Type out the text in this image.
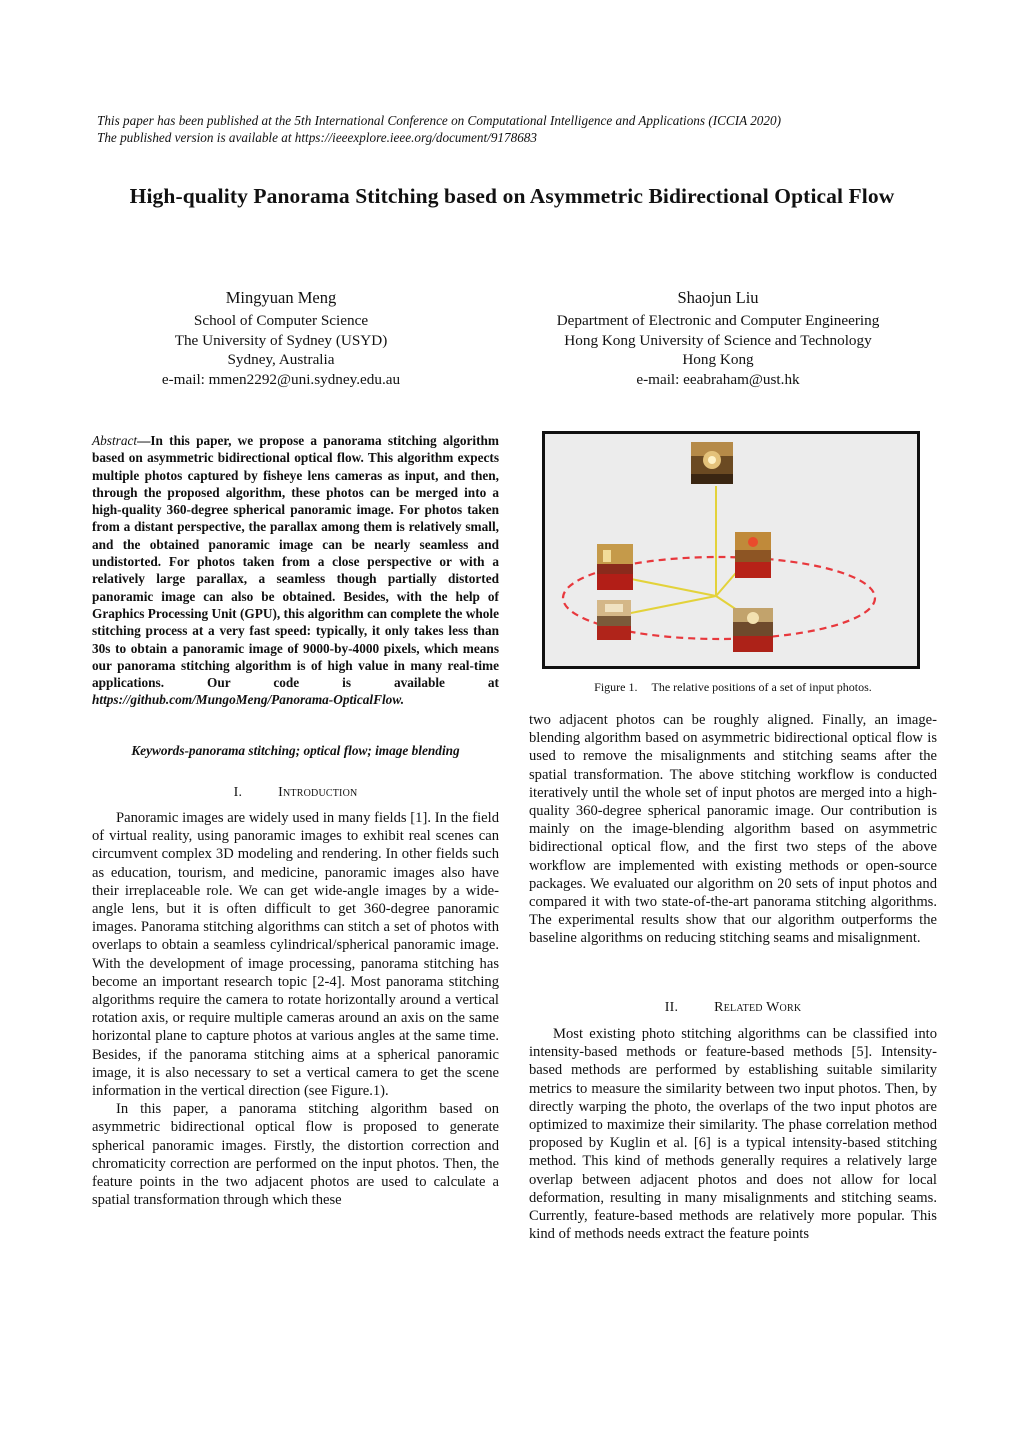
This paper has been published at the 5th International Conference on Computational Intelligence and Applications (ICCIA 2020)
The published version is available at https://ieeexplore.ieee.org/document/9178683
High-quality Panorama Stitching based on Asymmetric Bidirectional Optical Flow
Mingyuan Meng
School of Computer Science
The University of Sydney (USYD)
Sydney, Australia
e-mail: mmen2292@uni.sydney.edu.au
Shaojun Liu
Department of Electronic and Computer Engineering
Hong Kong University of Science and Technology
Hong Kong
e-mail: eeabraham@ust.hk
Abstract—In this paper, we propose a panorama stitching algorithm based on asymmetric bidirectional optical flow. This algorithm expects multiple photos captured by fisheye lens cameras as input, and then, through the proposed algorithm, these photos can be merged into a high-quality 360-degree spherical panoramic image. For photos taken from a distant perspective, the parallax among them is relatively small, and the obtained panoramic image can be nearly seamless and undistorted. For photos taken from a close perspective or with a relatively large parallax, a seamless though partially distorted panoramic image can also be obtained. Besides, with the help of Graphics Processing Unit (GPU), this algorithm can complete the whole stitching process at a very fast speed: typically, it only takes less than 30s to obtain a panoramic image of 9000-by-4000 pixels, which means our panorama stitching algorithm is of high value in many real-time applications. Our code is available at https://github.com/MungoMeng/Panorama-OpticalFlow.
Keywords-panorama stitching; optical flow; image blending
I.	Introduction

Panoramic images are widely used in many fields [1]. In the field of virtual reality, using panoramic images to exhibit real scenes can circumvent complex 3D modeling and rendering. In other fields such as education, tourism, and medicine, panoramic images also have their irreplaceable role. We can get wide-angle images by a wide-angle lens, but it is often difficult to get 360-degree panoramic images. Panorama stitching algorithms can stitch a set of photos with overlaps to obtain a seamless cylindrical/spherical panoramic image. With the development of image processing, panorama stitching has become an important research topic [2-4]. Most panorama stitching algorithms require the camera to rotate horizontally around a vertical rotation axis, or require multiple cameras around an axis on the same horizontal plane to capture photos at various angles at the same time. Besides, if the panorama stitching aims at a spherical panoramic image, it is also necessary to set a vertical camera to get the scene information in the vertical direction (see Figure.1).

In this paper, a panorama stitching algorithm based on asymmetric bidirectional optical flow is proposed to generate spherical panoramic images. Firstly, the distortion correction and chromaticity correction are performed on the input photos. Then, the feature points in the two adjacent photos are used to calculate a spatial transformation through which these

Figure 1. The relative positions of a set of input photos.

two adjacent photos can be roughly aligned. Finally, an image-blending algorithm based on asymmetric bidirectional optical flow is used to remove the misalignments and stitching seams after the spatial transformation. The above stitching workflow is conducted iteratively until the whole set of input photos are merged into a high-quality 360-degree spherical panoramic image. Our contribution is mainly on the image-blending algorithm based on asymmetric bidirectional optical flow, and the first two steps of the above workflow are implemented with existing methods or open-source packages. We evaluated our algorithm on 20 sets of input photos and compared it with two state-of-the-art panorama stitching algorithms. The experimental results show that our algorithm outperforms the baseline algorithms on reducing stitching seams and misalignment.

II.	Related Work

Most existing photo stitching algorithms can be classified into intensity-based methods or feature-based methods [5]. Intensity-based methods are performed by establishing suitable similarity metrics to measure the similarity between two input photos. Then, by directly warping the photo, the overlaps of the two input photos are optimized to maximize their similarity. The phase correlation method proposed by Kuglin et al. [6] is a typical intensity-based stitching method. This kind of methods generally requires a relatively large overlap between adjacent photos and does not allow for local deformation, resulting in many misalignments and stitching seams. Currently, feature-based methods are relatively more popular. This kind of methods needs extract the feature points
